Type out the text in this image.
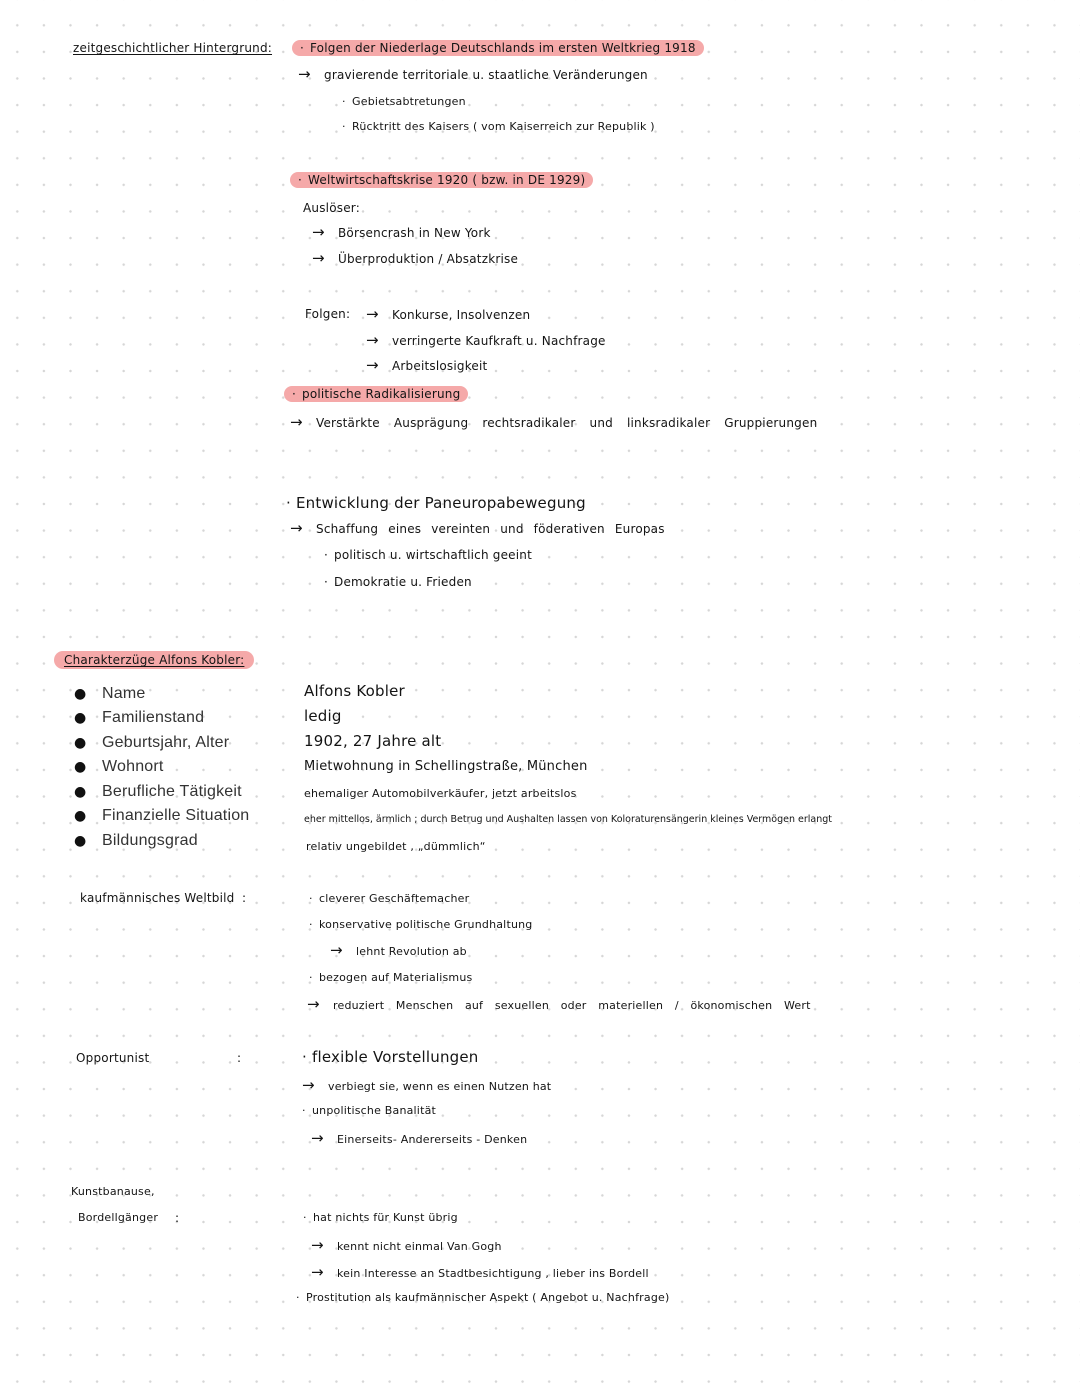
zeitgeschichtlicher Hintergrund: · Folgen der Niederlage Deutschlands im ersten Weltkrieg 1918
→ gravierende territoriale u. staatliche Veränderungen
· Gebietsabtretungen
· Rücktritt des Kaisers ( vom Kaiserreich zur Republik )
· Weltwirtschaftskrise 1920 ( bzw. in DE 1929)
Auslöser:
→ Börsencrash in New York
→ Überproduktion / Absatzkrise
Folgen: → Konkurse, Insolvenzen
→ verringerte Kaufkraft u. Nachfrage
→ Arbeitslosigkeit
· politische Radikalisierung
→ Verstärkte Ausprägung rechtsradikaler und linksradikaler Gruppierungen
· Entwicklung der Paneuropabewegung
→ Schaffung eines vereinten und föderativen Europas
· politisch u. wirtschaftlich geeint
· Demokratie u. Frieden
Charakterzüge Alfons Kobler:
● Name	Alfons Kobler
● Familienstand	ledig
● Geburtsjahr, Alter	1902, 27 Jahre alt
● Wohnort	Mietwohnung in Schellingstraße, München
● Berufliche Tätigkeit	ehemaliger Automobilverkäufer, jetzt arbeitslos
● Finanzielle Situation	eher mittellos, ärmlich ; durch Betrug und Aushalten lassen von Koloraturensängerin kleines Vermögen erlangt
● Bildungsgrad	relativ ungebildet , „dümmlich“
kaufmännisches Weltbild :	· cleverer Geschäftemacher
· konservative politische Grundhaltung
→ lehnt Revolution ab
· bezogen auf Materialismus
→ reduziert Menschen auf sexuellen oder materiellen / ökonomischen Wert
Opportunist	:	· flexible Vorstellungen
→ verbiegt sie, wenn es einen Nutzen hat
· unpolitische Banalität
→ Einerseits- Andererseits - Denken
Kunstbanause,
Bordellgänger :	· hat nichts für Kunst übrig
→ kennt nicht einmal Van Gogh
→ kein Interesse an Stadtbesichtigung , lieber ins Bordell
· Prostitution als kaufmännischer Aspekt ( Angebot u. Nachfrage)
